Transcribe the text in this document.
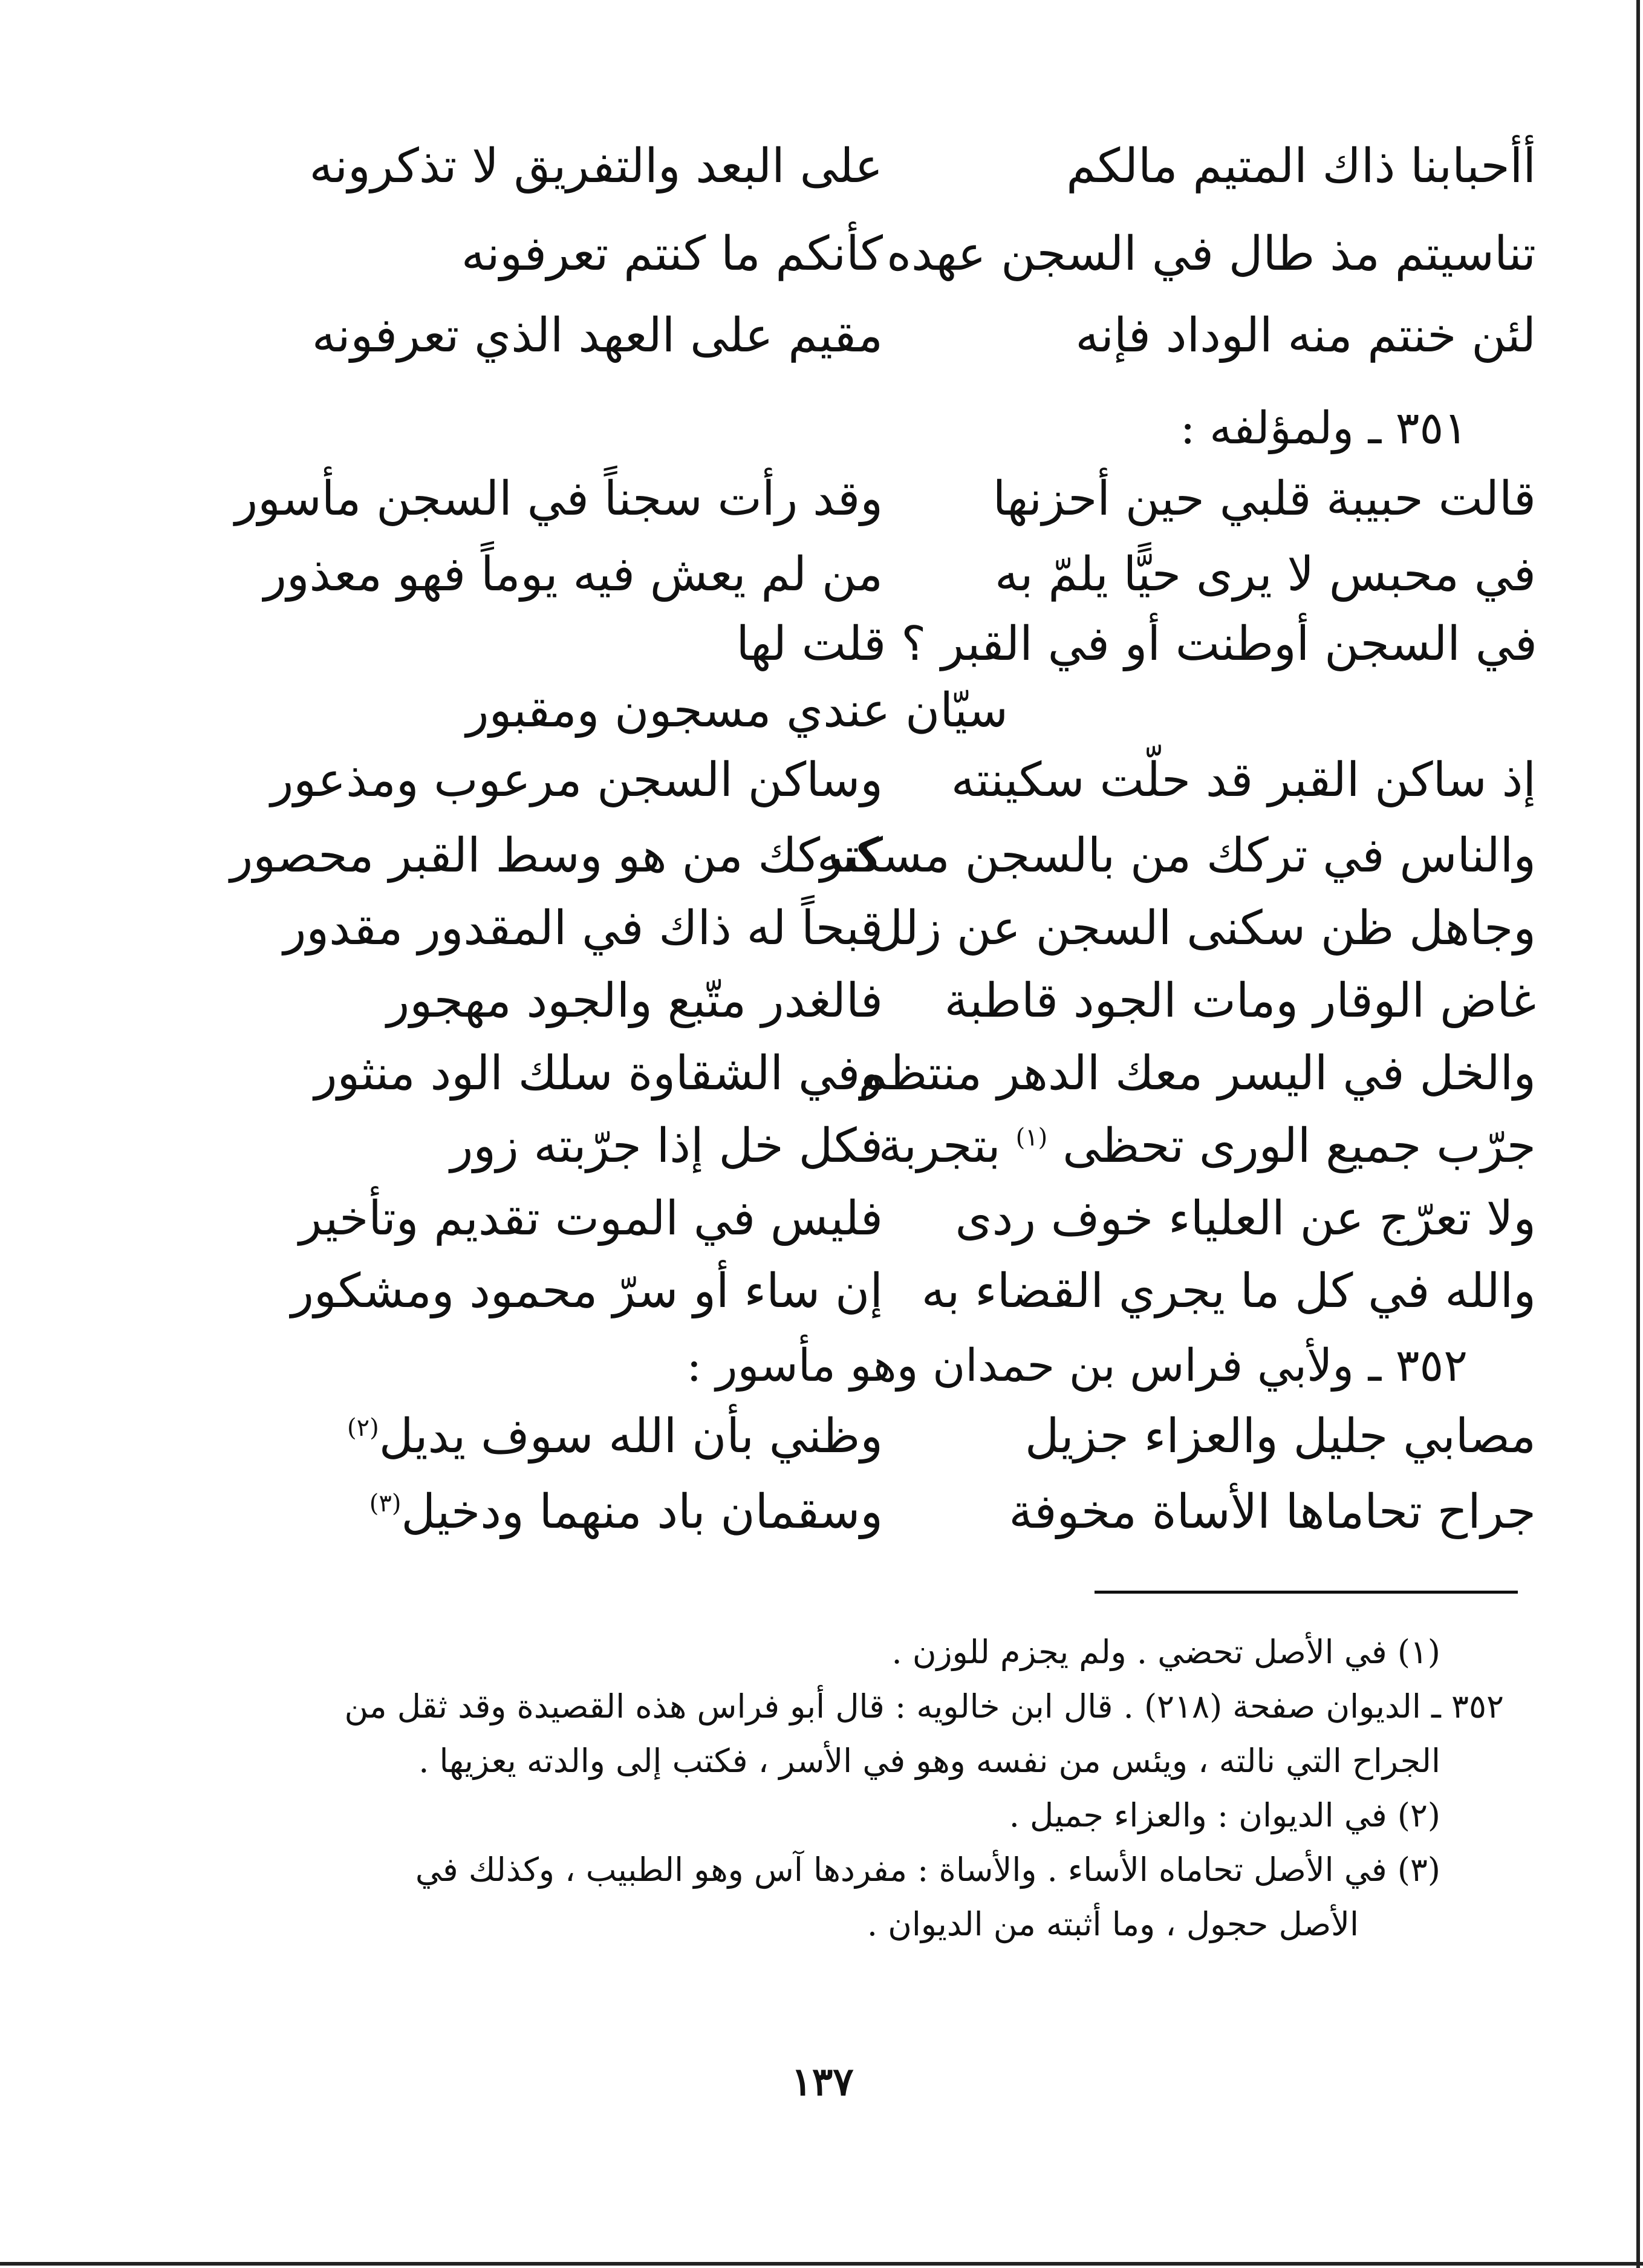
أأحبابنا ذاك المتيم مالكم
على البعد والتفريق لا تذكرونه
تناسيتم مذ طال في السجن عهده
كأنكم ما كنتم تعرفونه
لئن خنتم منه الوداد فإنه
مقيم على العهد الذي تعرفونه
٣٥١ ـ ولمؤلفه :
قالت حبيبة قلبي حين أحزنها
وقد رأت سجناً في السجن مأسور
في محبس لا يرى حيًّا يلمّ به
من لم يعش فيه يوماً فهو معذور
في السجن أوطنت أو في القبر ؟ قلت لها
سيّان عندي مسجون ومقبور
إذ ساكن القبر قد حلّت سكينته
وساكن السجن مرعوب ومذعور
والناس في تركك من بالسجن مسكنه
كتركك من هو وسط القبر محصور
وجاهل ظن سكنى السجن عن زلل
قبحاً له ذاك في المقدور مقدور
غاض الوقار ومات الجود قاطبة
فالغدر متّبع والجود مهجور
والخل في اليسر معك الدهر منتظم
وفي الشقاوة سلك الود منثور
جرّب جميع الورى تحظى $^{(١)}$ بتجربة
فكل خل إذا جرّبته زور
ولا تعرّج عن العلياء خوف ردى
فليس في الموت تقديم وتأخير
والله في كل ما يجري القضاء به
إن ساء أو سرّ محمود ومشكور
٣٥٢ ـ ولأبي فراس بن حمدان وهو مأسور :
مصابي جليل والعزاء جزيل
وظني بأن الله سوف يديل$^{(٢)}$
جراح تحاماها الأساة مخوفة
وسقمان باد منهما ودخيل$^{(٣)}$
(١) في الأصل تحضي . ولم يجزم للوزن .
٣٥٢ ـ الديوان صفحة (٢١٨) . قال ابن خالويه : قال أبو فراس هذه القصيدة وقد ثقل من
الجراح التي نالته ، ويئس من نفسه وهو في الأسر ، فكتب إلى والدته يعزيها .
(٢) في الديوان : والعزاء جميل .
(٣) في الأصل تحاماه الأساء . والأساة : مفردها آس وهو الطبيب ، وكذلك في
الأصل حجول ، وما أثبته من الديوان .
١٣٧
